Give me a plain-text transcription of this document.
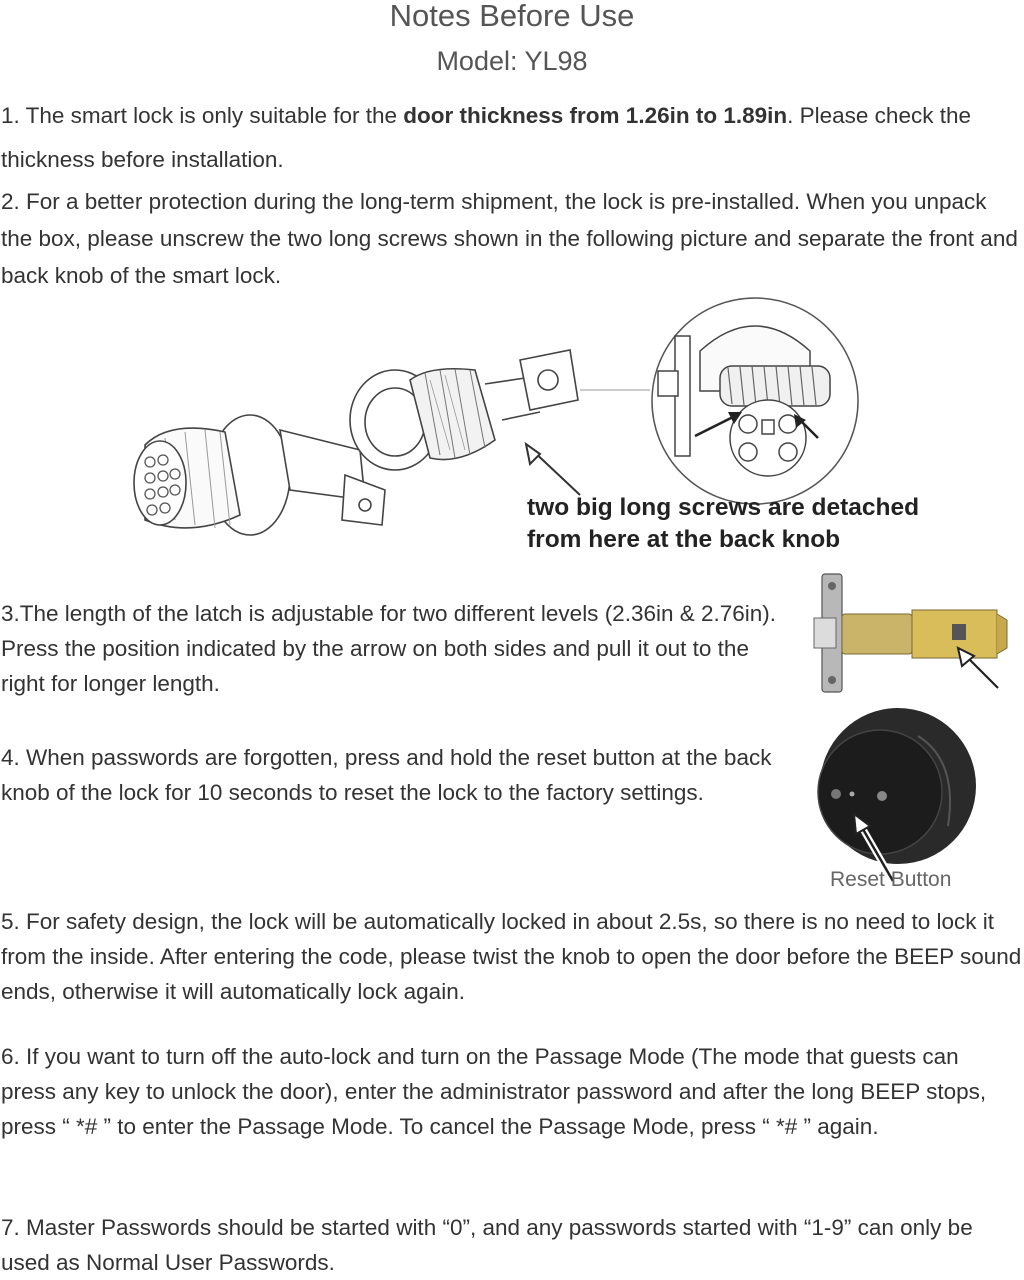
Notes Before Use
Model: YL98
1. The smart lock is only suitable for the door thickness from 1.26in to 1.89in. Please check the thickness before installation.
2. For a better protection during the long-term shipment, the lock is pre-installed. When you unpack the box, please unscrew the two long screws shown in the following picture and separate the front and back knob of the smart lock.
two big long screws are detached
from here at the back knob
3.The length of the latch is adjustable for two different levels (2.36in & 2.76in). Press the position indicated by the arrow on both sides and pull it out to the right for longer length.
4. When passwords are forgotten, press and hold the reset button at the back knob of the lock for 10 seconds to reset the lock to the factory settings.
Reset Button
5. For safety design, the lock will be automatically locked in about 2.5s, so there is no need to lock it from the inside. After entering the code, please twist the knob to open the door before the BEEP sound ends, otherwise it will automatically lock again.
6. If you want to turn off the auto-lock and turn on the Passage Mode (The mode that guests can press any key to unlock the door), enter the administrator password and after the long BEEP stops, press “ *# ” to enter the Passage Mode. To cancel the Passage Mode, press “ *# ” again.
7. Master Passwords should be started with “0”, and any passwords started with “1-9” can only be used as Normal User Passwords.
